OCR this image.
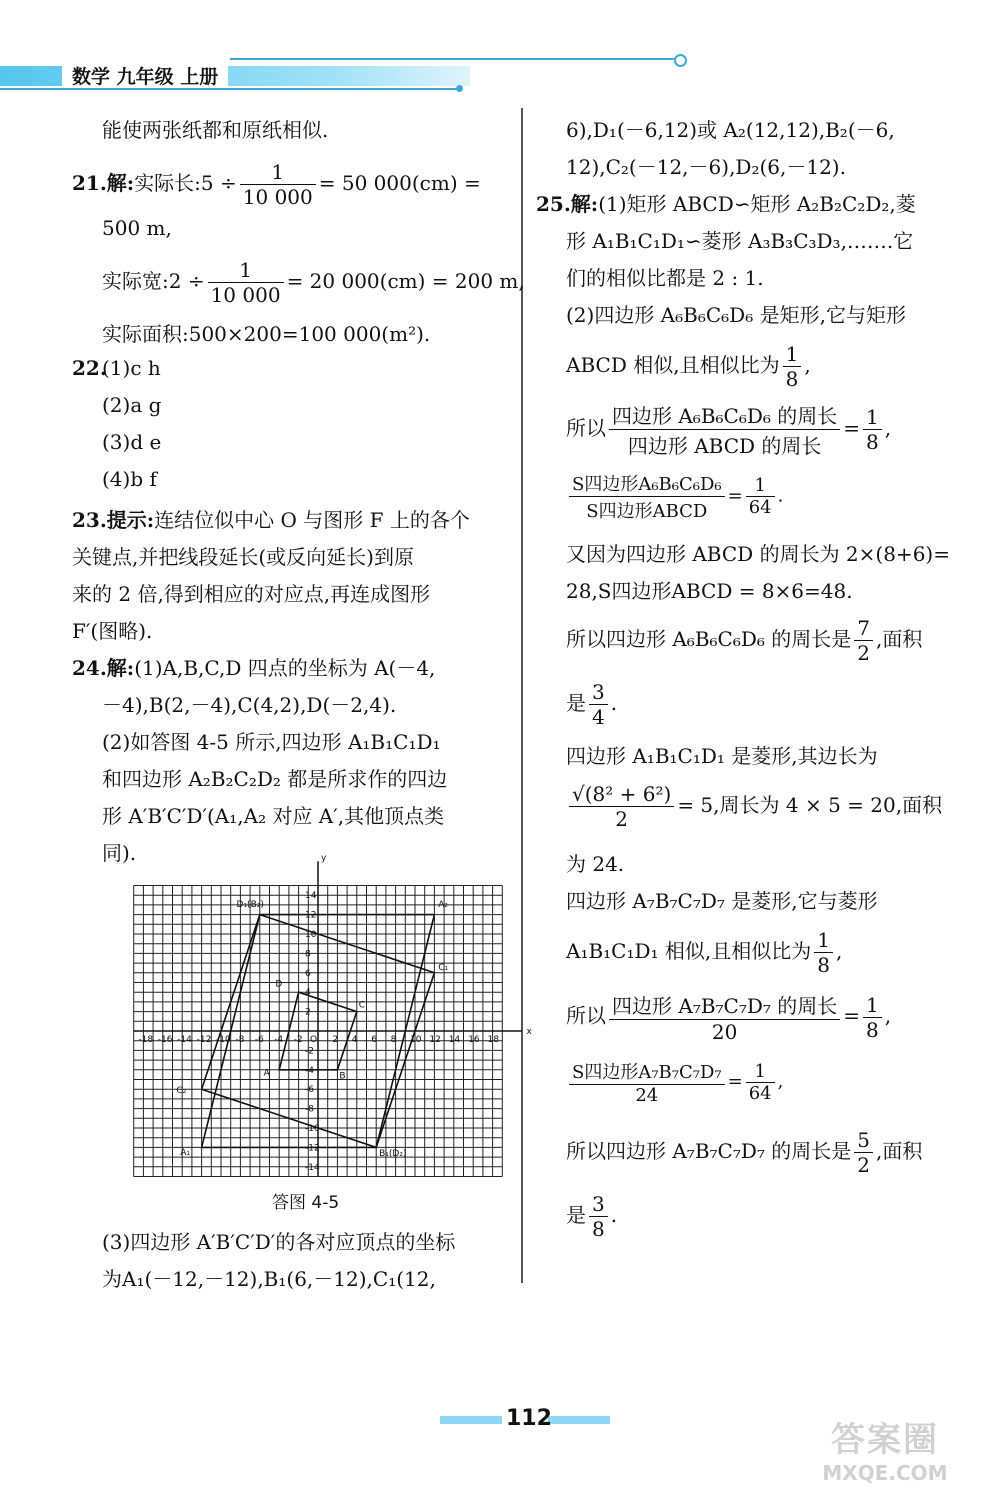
数学 九年级 上册
能使两张纸都和原纸相似.
21.解:实际长:5 ÷ $\frac{1}{10 000} = 50$ 000(cm) =
500 m,
实际宽:2 ÷ $\frac{1}{10 000} = 20$ 000(cm) = 200 m,
实际面积:500×200=100 000(m²).
22.
(1)c h
(2)a g
(3)d e
(4)b f
23.提示:连结位似中心 O 与图形 F 上的各个
关键点,并把线段延长(或反向延长)到原
来的 2 倍,得到相应的对应点,再连成图形
F′(图略).
24.解:(1)A,B,C,D 四点的坐标为 A(－4,
－4),B(2,－4),C(4,2),D(－2,4).
(2)如答图 4-5 所示,四边形 A₁B₁C₁D₁
和四边形 A₂B₂C₂D₂ 都是所求作的四边
形 A′B′C′D′(A₁,A₂ 对应 A′,其他顶点类
同).
x
y
-18 -16 -14 -12 -10 -8 -6 -4 -2 O 2 4 6 8 10 12 14 16 18
14
12
10
8
6
4
2
-2
-4
-6
-8
-10
-12
-14
D₁(B₂)	A₂
C₁
D
C
A	B
C₂
A₁	B₁(D₂)
答图 4-5
(3)四边形 A′B′C′D′的各对应顶点的坐标
为A₁(－12,－12),B₁(6,－12),C₁(12,
6),D₁(－6,12)或 A₂(12,12),B₂(－6,
12),C₂(－12,－6),D₂(6,－12).
25.解:(1)矩形 ABCD∽矩形 A₂B₂C₂D₂,菱
形 A₁B₁C₁D₁∽菱形 A₃B₃C₃D₃,…….它
们的相似比都是 2 : 1.
(2)四边形 A₆B₆C₆D₆ 是矩形,它与矩形
ABCD 相似,且相似比为 $\frac{1}{8}$ ,
所以 $\frac{\text{四边形 A₆B₆C₆D₆ 的周长}}{\text{四边形 ABCD 的周长}} = \frac{1}{8}$ ,
$\frac{\text{S四边形A₆B₆C₆D₆}}{\text{S四边形ABCD}} = \frac{1}{64}$ .
又因为四边形 ABCD 的周长为 2×(8+6)=
28,S四边形ABCD = 8×6=48.
所以四边形 A₆B₆C₆D₆ 的周长是 $\frac{7}{2}$ ,面积
是 $\frac{3}{4}$ .
四边形 A₁B₁C₁D₁ 是菱形,其边长为
$\frac{\text{√(8² + 6²)}}{2} = 5$,周长为 4 × 5 = 20,面积
为 24.
四边形 A₇B₇C₇D₇ 是菱形,它与菱形
A₁B₁C₁D₁ 相似,且相似比为 $\frac{1}{8}$ ,
所以 $\frac{\text{四边形 A₇B₇C₇D₇ 的周长}}{20} = \frac{1}{8}$ ,
$\frac{\text{S四边形A₇B₇C₇D₇}}{24} = \frac{1}{64}$ ,
所以四边形 A₇B₇C₇D₇ 的周长是 $\frac{5}{2}$ ,面积
是 $\frac{3}{8}$ .
112
答案圈
MXQE.COM
